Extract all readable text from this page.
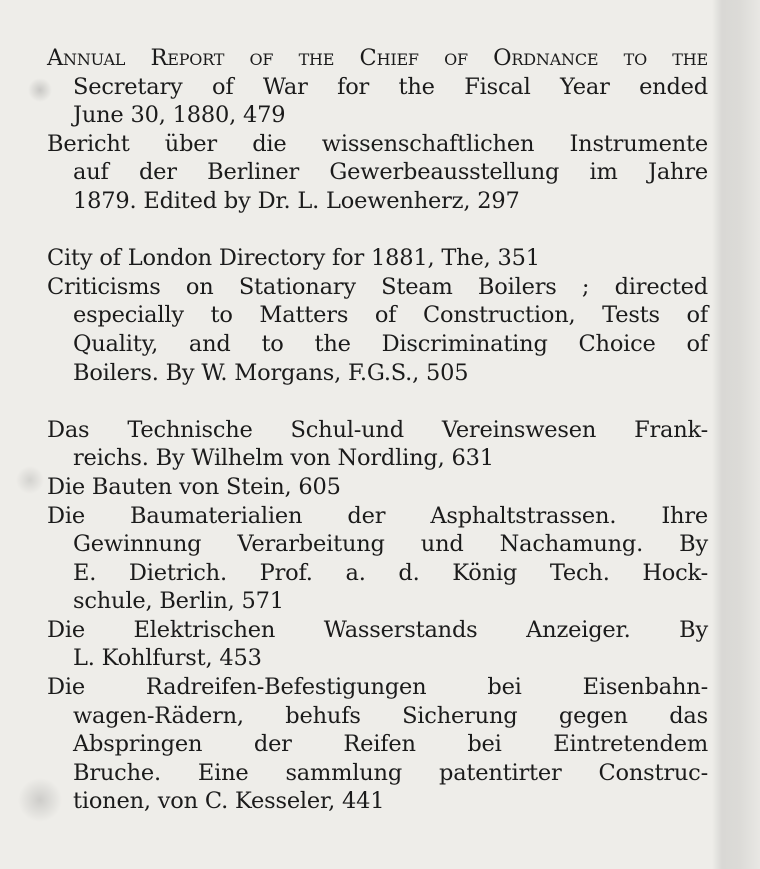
Annual Report of the Chief of Ordnance to the
Secretary of War for the Fiscal Year ended
June 30, 1880, 479
Bericht über die wissenschaftlichen Instrumente
auf der Berliner Gewerbeausstellung im Jahre
1879. Edited by Dr. L. Loewenherz, 297
City of London Directory for 1881, The, 351
Criticisms on Stationary Steam Boilers ; directed
especially to Matters of Construction, Tests of
Quality, and to the Discriminating Choice of
Boilers. By W. Morgans, F.G.S., 505
Das Technische Schul-und Vereinswesen Frank-
reichs. By Wilhelm von Nordling, 631
Die Bauten von Stein, 605
Die Baumaterialien der Asphaltstrassen. Ihre
Gewinnung Verarbeitung und Nachamung. By
E. Dietrich. Prof. a. d. König Tech. Hock-
schule, Berlin, 571
Die Elektrischen Wasserstands Anzeiger. By
L. Kohlfurst, 453
Die Radreifen-Befestigungen bei Eisenbahn-
wagen-Rädern, behufs Sicherung gegen das
Abspringen der Reifen bei Eintretendem
Bruche. Eine sammlung patentirter Construc-
tionen, von C. Kesseler, 441
